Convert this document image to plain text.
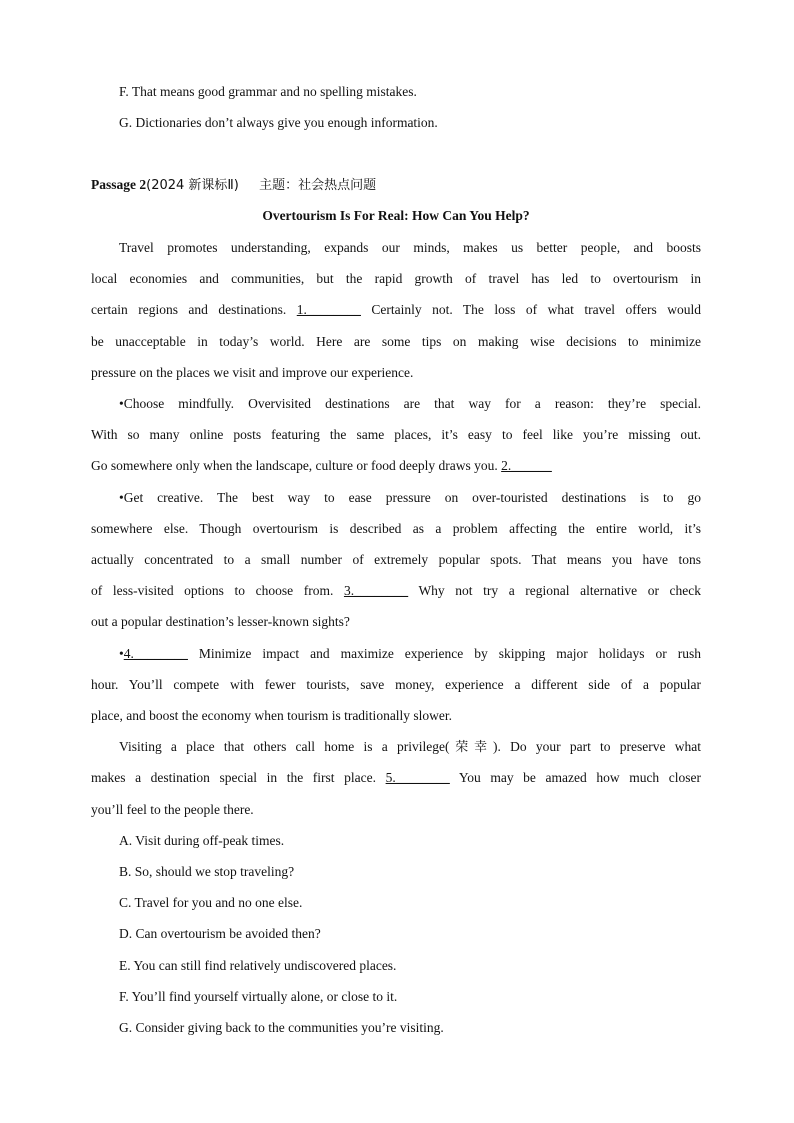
F. That means good grammar and no spelling mistakes.
G. Dictionaries don’t always give you enough information.
Passage 2(2024 新课标Ⅱ) 主题：社会热点问题
Overtourism Is For Real: How Can You Help?
Travel promotes understanding, expands our minds, makes us better people, and boosts
local economies and communities, but the rapid growth of travel has led to overtourism in
certain regions and destinations. 1.________ Certainly not. The loss of what travel offers would
be unacceptable in today’s world. Here are some tips on making wise decisions to minimize
pressure on the places we visit and improve our experience.
•Choose mindfully. Overvisited destinations are that way for a reason: they’re special.
With so many online posts featuring the same places, it’s easy to feel like you’re missing out.
Go somewhere only when the landscape, culture or food deeply draws you. 2.______
•Get creative. The best way to ease pressure on over-touristed destinations is to go
somewhere else. Though overtourism is described as a problem affecting the entire world, it’s
actually concentrated to a small number of extremely popular spots. That means you have tons
of less-visited options to choose from. 3.________ Why not try a regional alternative or check
out a popular destination’s lesser-known sights?
•4.________ Minimize impact and maximize experience by skipping major holidays or rush
hour. You’ll compete with fewer tourists, save money, experience a different side of a popular
place, and boost the economy when tourism is traditionally slower.
Visiting a place that others call home is a privilege(荣幸). Do your part to preserve what
makes a destination special in the first place. 5.________ You may be amazed how much closer
you’ll feel to the people there.
A. Visit during off-peak times.
B. So, should we stop traveling?
C. Travel for you and no one else.
D. Can overtourism be avoided then?
E. You can still find relatively undiscovered places.
F. You’ll find yourself virtually alone, or close to it.
G. Consider giving back to the communities you’re visiting.
